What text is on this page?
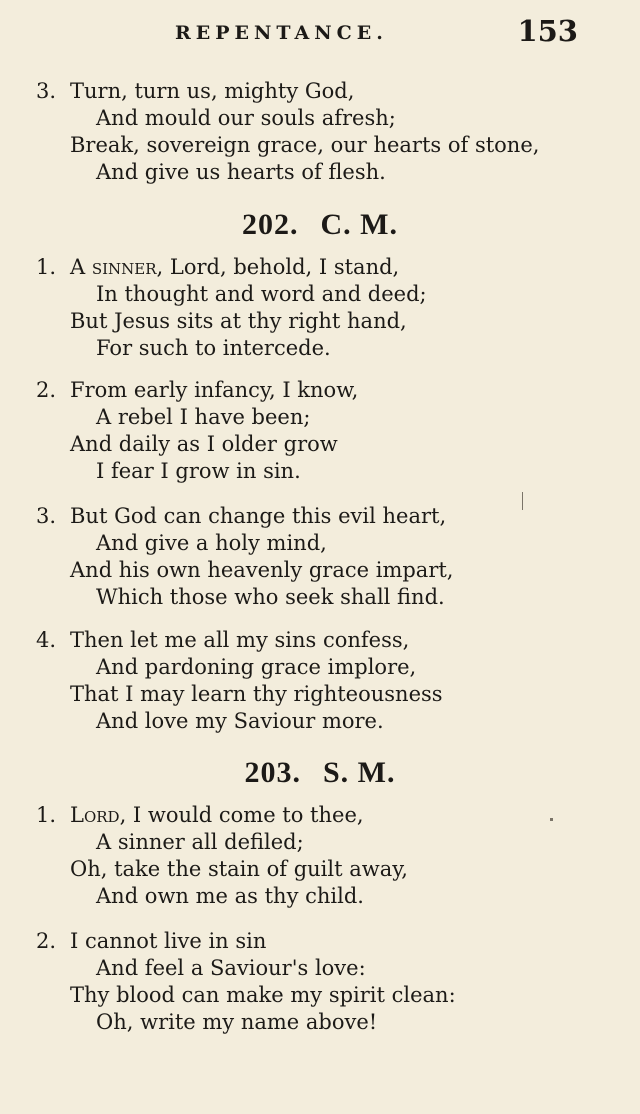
REPENTANCE.	153
3. Turn, turn us, mighty God,
And mould our souls afresh;
Break, sovereign grace, our hearts of stone,
And give us hearts of flesh.
202. C. M.
1. A sinner, Lord, behold, I stand,
In thought and word and deed;
But Jesus sits at thy right hand,
For such to intercede.
2. From early infancy, I know,
A rebel I have been;
And daily as I older grow
I fear I grow in sin.
3. But God can change this evil heart,
And give a holy mind,
And his own heavenly grace impart,
Which those who seek shall find.
4. Then let me all my sins confess,
And pardoning grace implore,
That I may learn thy righteousness
And love my Saviour more.
203. S. M.
1. Lord, I would come to thee,
A sinner all defiled;
Oh, take the stain of guilt away,
And own me as thy child.
2. I cannot live in sin
And feel a Saviour's love:
Thy blood can make my spirit clean:
Oh, write my name above!
